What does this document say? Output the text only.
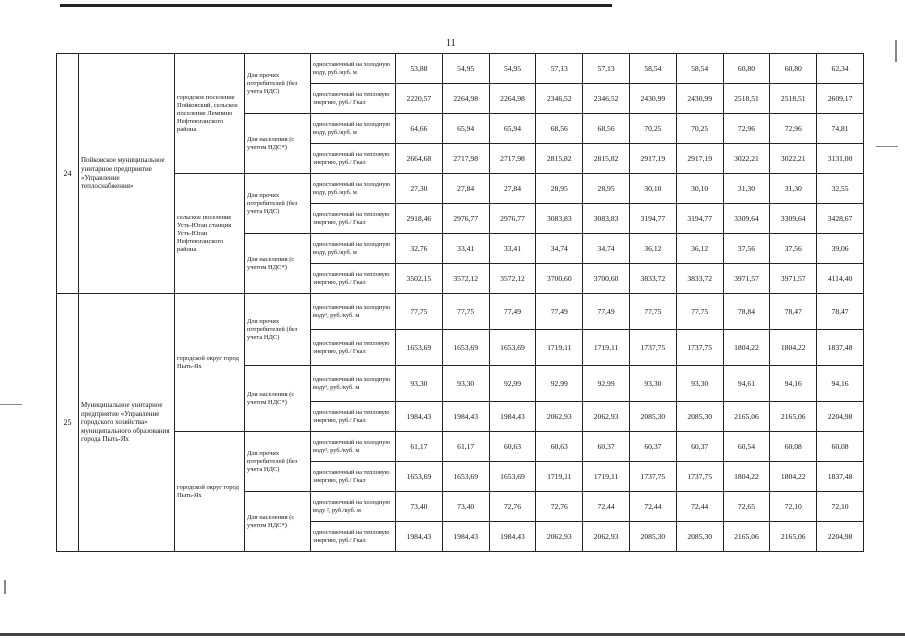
11
24	Пойковское муниципальное унитарное предприятие «Управление теплоснабжения»	городское поселение Пойковский, сельское поселение Лемпино Нефтеюганского района	Для прочих потребителей (без учета НДС)	одноставочный на холодную воду, руб./куб. м	53,88	54,95	54,95	57,13	57,13	58,54	58,54	60,80	60,80	62,34
				одноставочный на тепловую энергию, руб./ Гкал	2220,57	2264,98	2264,98	2346,52	2346,52	2430,99	2430,99	2518,51	2518,51	2609,17
			Для населения (с учетом НДС*)	одноставочный на холодную воду, руб./куб. м	64,66	65,94	65,94	68,56	68,56	70,25	70,25	72,96	72,96	74,81
				одноставочный на тепловую энергию, руб./ Гкал	2664,68	2717,98	2717,98	2815,82	2815,82	2917,19	2917,19	3022,21	3022,21	3131,00
		сельское поселение Усть-Юган станция Усть-Юган Нефтеюганского района	Для прочих потребителей (без учета НДС)	одноставочный на холодную воду, руб./куб. м	27,30	27,84	27,84	28,95	28,95	30,10	30,10	31,30	31,30	32,55
				одноставочный на тепловую энергию, руб./ Гкал	2918,46	2976,77	2976,77	3083,83	3083,83	3194,77	3194,77	3309,64	3309,64	3428,67
			Для населения (с учетом НДС*)	одноставочный на холодную воду, руб./куб. м	32,76	33,41	33,41	34,74	34,74	36,12	36,12	37,56	37,56	39,06
				одноставочный на тепловую энергию, руб./ Гкал	3502,15	3572,12	3572,12	3700,60	3700,60	3833,72	3833,72	3971,57	3971,57	4114,40
25	Муниципальное унитарное предприятие «Управление городского хозяйства» муниципального образования города Пыть-Ях	городской округ город Пыть-Ях	Для прочих потребителей (без учета НДС)	одноставочный на холодную воду¹, руб./куб. м	77,75	77,75	77,49	77,49	77,49	77,75	77,75	78,84	78,47	78,47
				одноставочный на тепловую энергию, руб./ Гкал	1653,69	1653,69	1653,69	1719,11	1719,11	1737,75	1737,75	1804,22	1804,22	1837,48
			Для населения (с учетом НДС*)	одноставочный на холодную воду¹, руб./куб. м	93,30	93,30	92,99	92,99	92,99	93,30	93,30	94,61	94,16	94,16
				одноставочный на тепловую энергию, руб./ Гкал	1984,43	1984,43	1984,43	2062,93	2062,93	2085,30	2085,30	2165,06	2165,06	2204,98
		городской округ город Пыть-Ях	Для прочих потребителей (без учета НДС)	одноставочный на холодную воду², руб./куб. м	61,17	61,17	60,63	60,63	60,37	60,37	60,37	60,54	60,08	60,08
				одноставочный на тепловую энергию, руб./ Гкал	1653,69	1653,69	1653,69	1719,11	1719,11	1737,75	1737,75	1804,22	1804,22	1837,48
			Для населения (с учетом НДС*)	одноставочный на холодную воду ², руб./куб. м	73,40	73,40	72,76	72,76	72,44	72,44	72,44	72,65	72,10	72,10
				одноставочный на тепловую энергию, руб./ Гкал	1984,43	1984,43	1984,43	2062,93	2062,93	2085,30	2085,30	2165,06	2165,06	2204,98
